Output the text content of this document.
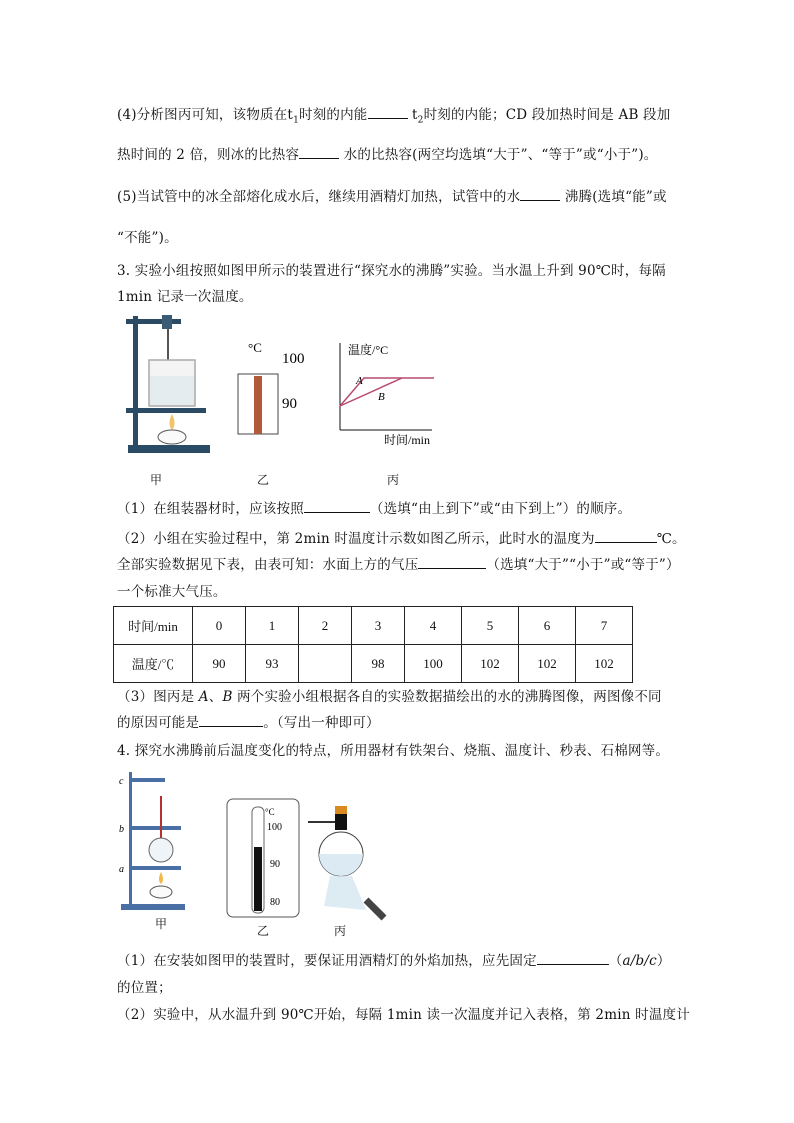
(4)分析图丙可知，该物质在$t_1$时刻的内能	$t_2$时刻的内能；CD 段加热时间是 AB 段加
热时间的 2 倍，则冰的比热容	水的比热容(两空均选填“大于”、“等于”或“小于”)。
(5)当试管中的冰全部熔化成水后，继续用酒精灯加热，试管中的水	沸腾(选填“能”或
“不能”)。
3. 实验小组按照如图甲所示的装置进行“探究水的沸腾”实验。当水温上升到 90℃时，每隔
1min 记录一次温度。
甲
°C
100
90
乙
温度/°C
时间/min
A
B
丙
（1）在组装器材时，应该按照	（选填“由上到下”或“由下到上”）的顺序。
（2）小组在实验过程中，第 2min 时温度计示数如图乙所示，此时水的温度为	℃。
全部实验数据见下表，由表可知：水面上方的气压	（选填“大于”“小于”或“等于”）
一个标准大气压。
时间/min	0	1	2	3	4	5	6	7
温度/℃	90	93		98	100	102	102	102
（3）图丙是 A、B 两个实验小组根据各自的实验数据描绘出的水的沸腾图像，两图像不同
的原因可能是	。（写出一种即可）
4. 探究水沸腾前后温度变化的特点，所用器材有铁架台、烧瓶、温度计、秒表、石棉网等。
c
b
a
甲
°C
100
90
80
乙	丙
（1）在安装如图甲的装置时，要保证用酒精灯的外焰加热，应先固定	（a/b/c）
的位置；
（2）实验中，从水温升到 90℃开始，每隔 1min 读一次温度并记入表格，第 2min 时温度计
